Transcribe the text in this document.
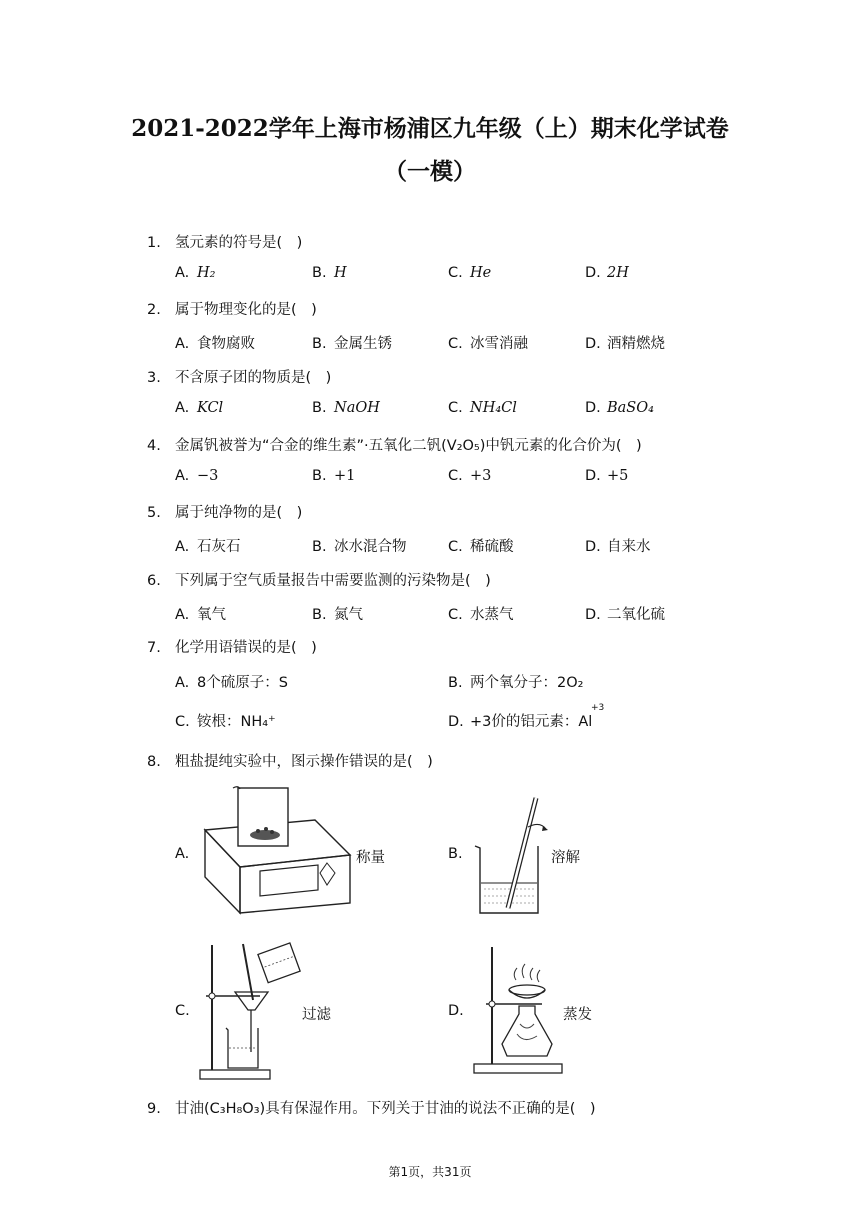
2021-2022学年上海市杨浦区九年级（上）期末化学试卷
（一模）
1. 氢元素的符号是(　)
A. H₂	B. H	C. He	D. 2H
2. 属于物理变化的是(　)
A. 食物腐败	B. 金属生锈	C. 冰雪消融	D. 酒精燃烧
3. 不含原子团的物质是(　)
A. KCl	B. NaOH	C. NH₄Cl	D. BaSO₄
4. 金属钒被誉为“合金的维生素”·五氧化二钒(V₂O₅)中钒元素的化合价为(　)
A. −3	B. +1	C. +3	D. +5
5. 属于纯净物的是(　)
A. 石灰石	B. 冰水混合物	C. 稀硫酸	D. 自来水
6. 下列属于空气质量报告中需要监测的污染物是(　)
A. 氧气	B. 氮气	C. 水蒸气	D. 二氧化硫
7. 化学用语错误的是(　)
A. 8个硫原子：S	B. 两个氧分子：2O₂
C. 铵根：NH₄⁺	D. +3价的铝元素：Al
+3
8. 粗盐提纯实验中，图示操作错误的是(　)
A.	称量	B.	溶解
C.	过滤	D.	蒸发
9. 甘油(C₃H₈O₃)具有保湿作用。下列关于甘油的说法不正确的是(　)
第1页，共31页
